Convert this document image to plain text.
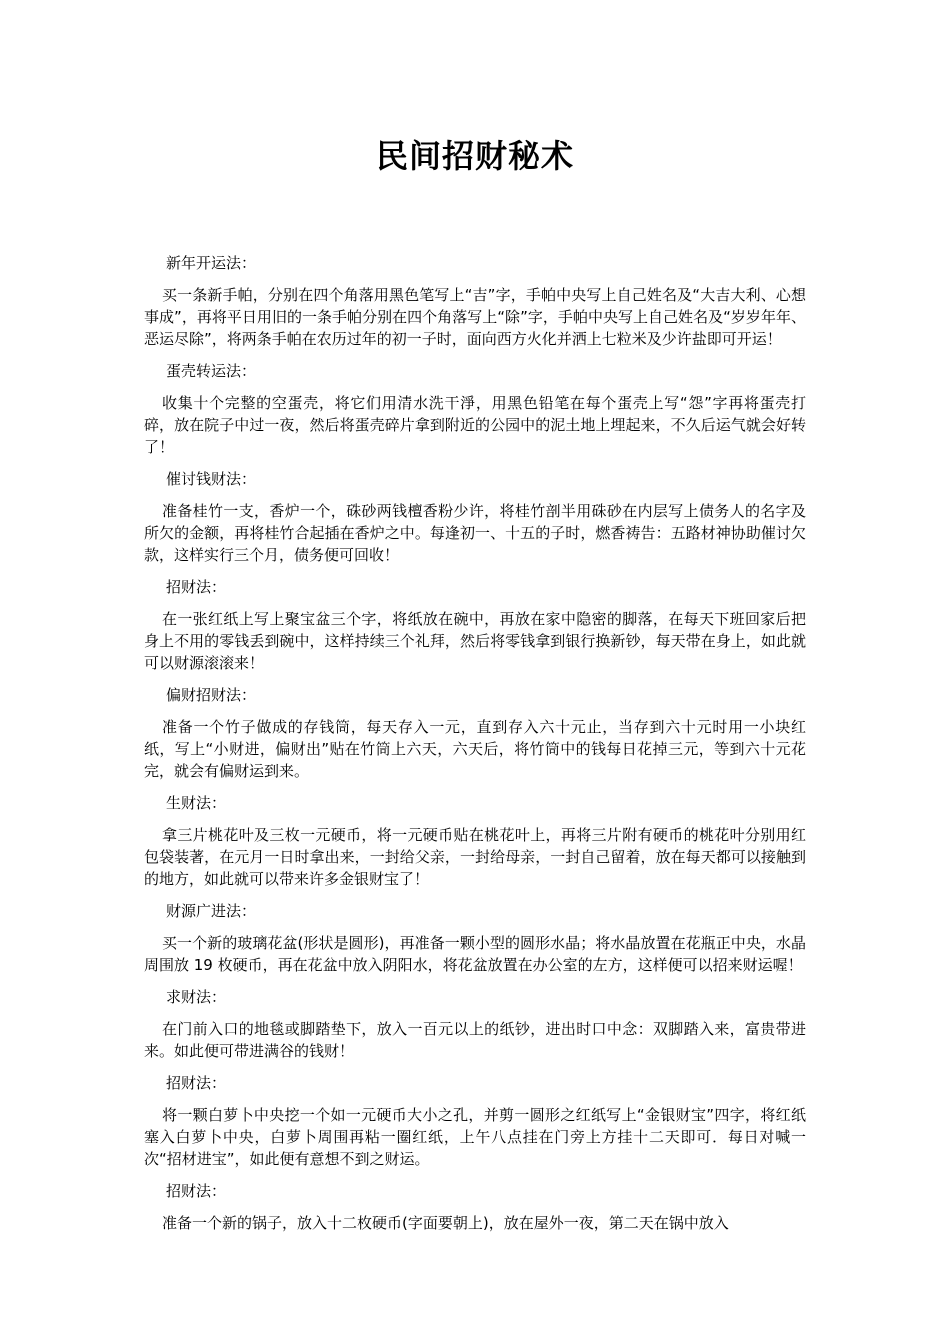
民间招财秘术

新年开运法：

买一条新手帕，分别在四个角落用黑色笔写上“吉”字，手帕中央写上自己姓名及“大吉大利、心想事成”，再将平日用旧的一条手帕分别在四个角落写上“除”字，手帕中央写上自己姓名及“岁岁年年、恶运尽除”，将两条手帕在农历过年的初一子时，面向西方火化并洒上七粒米及少许盐即可开运！

蛋壳转运法：

收集十个完整的空蛋壳，将它们用清水洗干淨，用黑色铅笔在每个蛋壳上写“怨”字再将蛋壳打碎，放在院子中过一夜，然后将蛋壳碎片拿到附近的公园中的泥土地上埋起来，不久后运气就会好转了！

催讨钱财法：

准备桂竹一支，香炉一个，硃砂两钱檀香粉少许，将桂竹剖半用硃砂在内层写上债务人的名字及所欠的金额，再将桂竹合起插在香炉之中。每逢初一、十五的子时，燃香祷告：五路材神协助催讨欠款，这样实行三个月，债务便可回收！

招财法：

在一张红纸上写上聚宝盆三个字，将纸放在碗中，再放在家中隐密的脚落，在每天下班回家后把身上不用的零钱丢到碗中，这样持续三个礼拜，然后将零钱拿到银行换新钞，每天带在身上，如此就可以财源滚滚来！

偏财招财法：

准备一个竹子做成的存钱筒，每天存入一元，直到存入六十元止，当存到六十元时用一小块红纸，写上“小财进，偏财出”贴在竹筒上六天，六天后，将竹筒中的钱每日花掉三元，等到六十元花完，就会有偏财运到来。

生财法：

拿三片桃花叶及三枚一元硬币，将一元硬币贴在桃花叶上，再将三片附有硬币的桃花叶分别用红包袋装著，在元月一日时拿出来，一封给父亲，一封给母亲，一封自己留着，放在每天都可以接触到的地方，如此就可以带来许多金银财宝了！

财源广进法：

买一个新的玻璃花盆(形状是圆形)，再准备一颗小型的圆形水晶；将水晶放置在花瓶正中央，水晶周围放 19 枚硬币，再在花盆中放入阴阳水，将花盆放置在办公室的左方，这样便可以招来财运喔！

求财法：

在门前入口的地毯或脚踏垫下，放入一百元以上的纸钞，进出时口中念：双脚踏入来，富贵带进来。如此便可带进满谷的钱财！

招财法：

将一颗白萝卜中央挖一个如一元硬币大小之孔，并剪一圆形之红纸写上“金银财宝”四字，将红纸塞入白萝卜中央，白萝卜周围再粘一圈红纸，上午八点挂在门旁上方挂十二天即可．每日对喊一次“招材进宝”，如此便有意想不到之财运。

招财法：

准备一个新的锅子，放入十二枚硬币(字面要朝上)，放在屋外一夜，第二天在锅中放入
